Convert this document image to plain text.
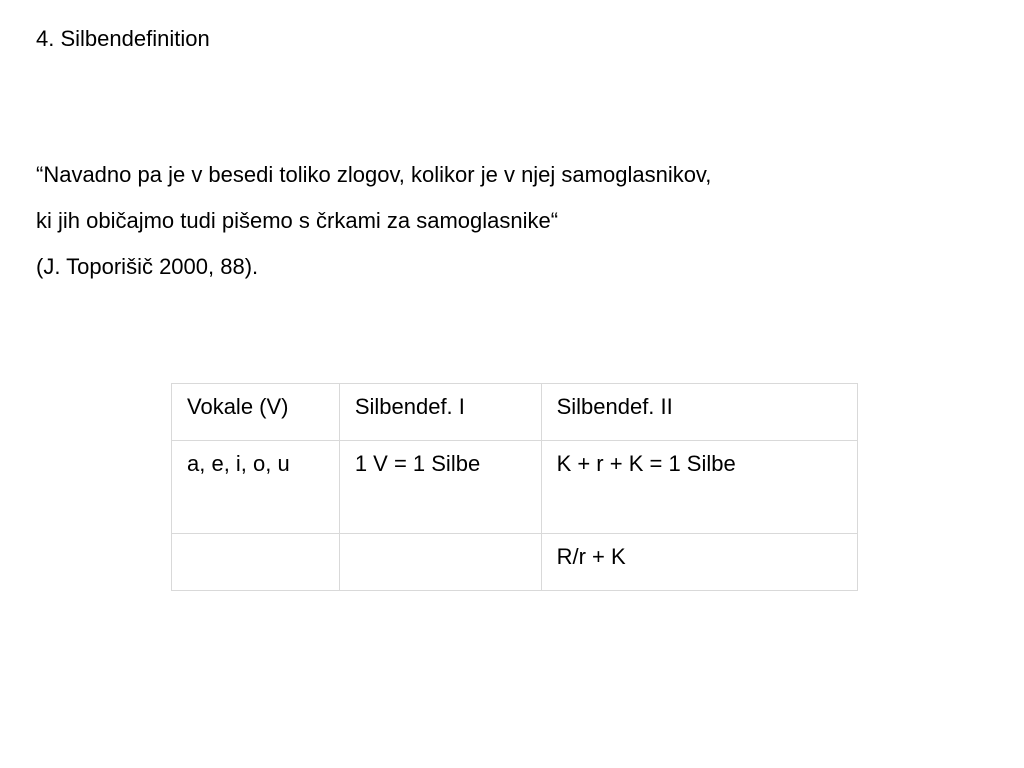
4. Silbendefinition
“Navadno pa je v besedi toliko zlogov, kolikor je v njej samoglasnikov,
ki jih običajmo tudi pišemo s črkami za samoglasnike“
(J. Toporišič 2000, 88).
Vokale (V)	Silbendef. I	Silbendef. II
a, e, i, o, u	1 V = 1 Silbe	K + r + K = 1 Silbe
		R/r + K
